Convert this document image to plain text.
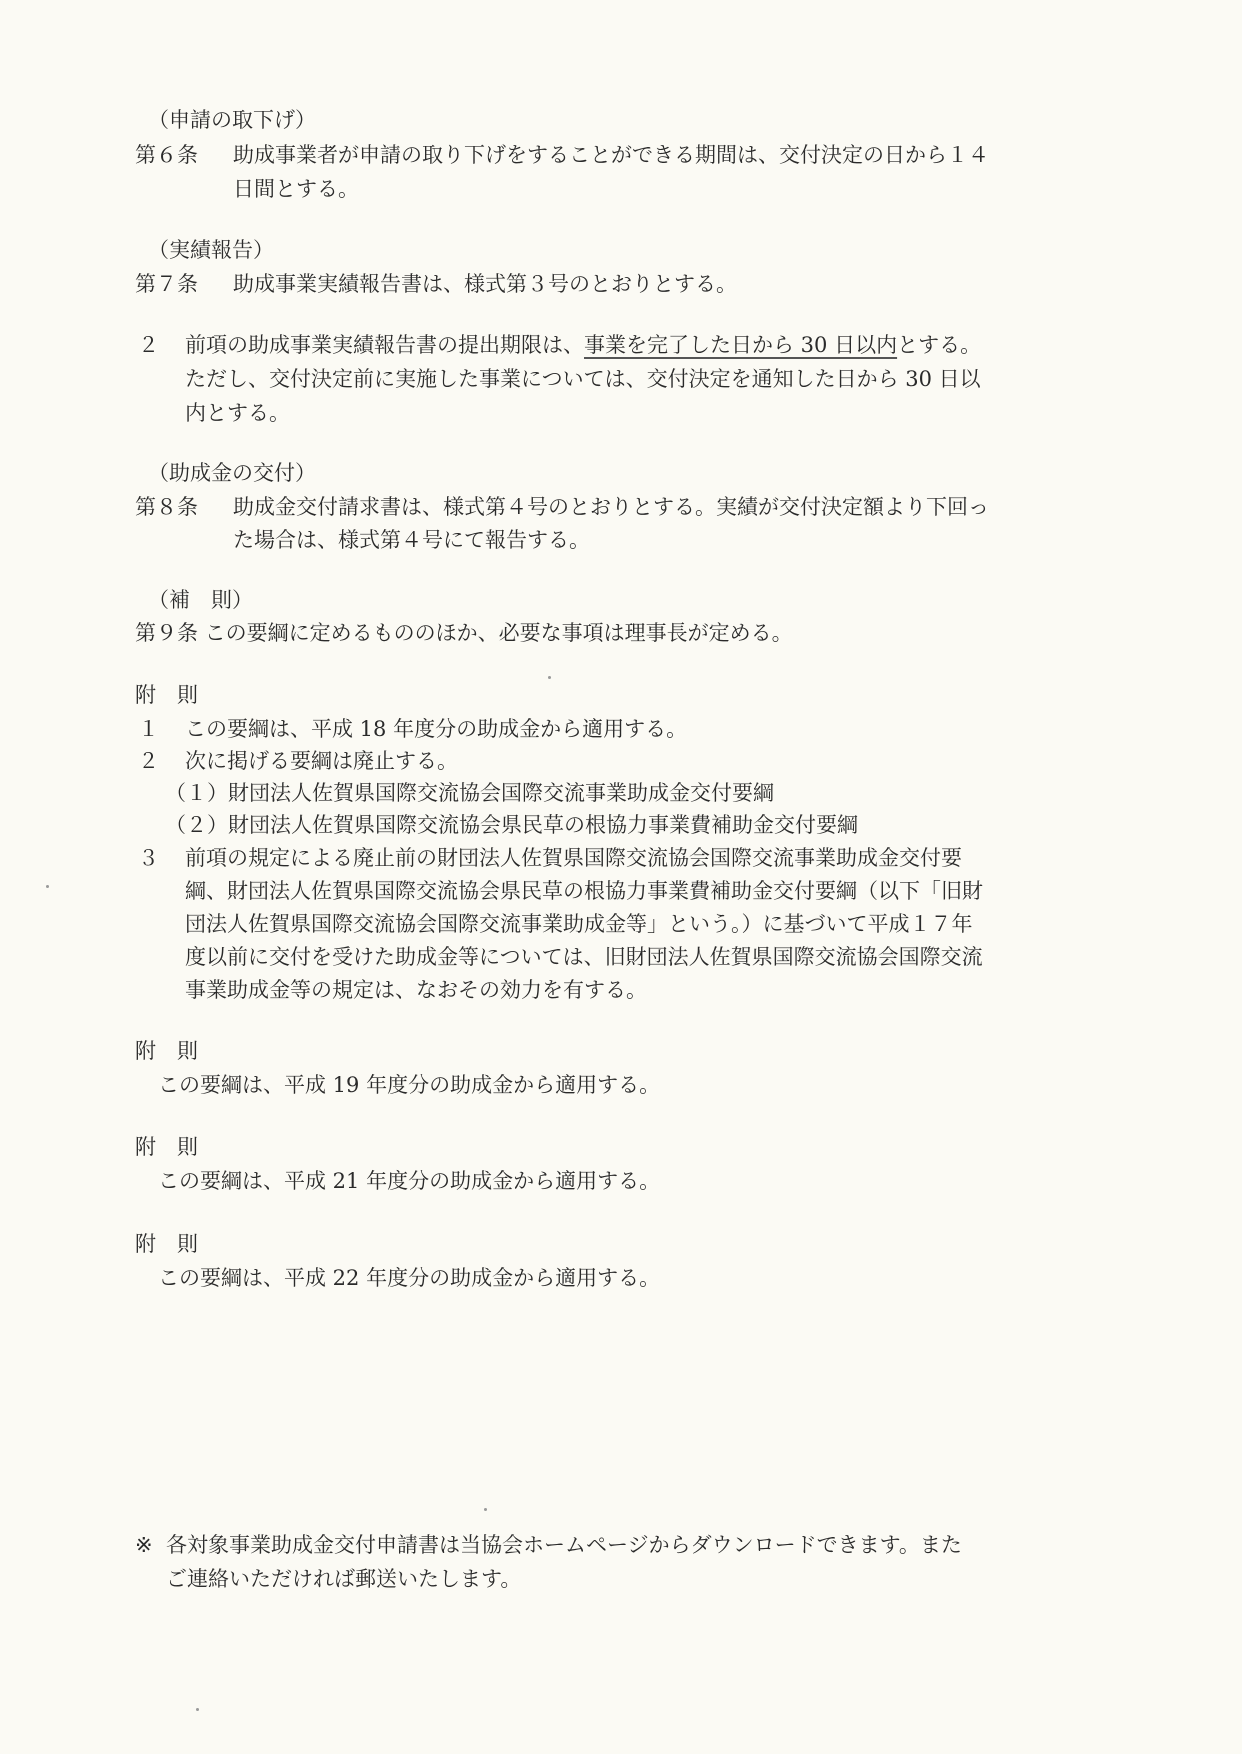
（申請の取下げ）
第６条 助成事業者が申請の取り下げをすることができる期間は、交付決定の日から１４
日間とする。
（実績報告）
第７条 助成事業実績報告書は、様式第３号のとおりとする。
２ 前項の助成事業実績報告書の提出期限は、事業を完了した日から 30 日以内とする。
ただし、交付決定前に実施した事業については、交付決定を通知した日から 30 日以
内とする。
（助成金の交付）
第８条 助成金交付請求書は、様式第４号のとおりとする。実績が交付決定額より下回っ
た場合は、様式第４号にて報告する。
（補　則）
第９条 この要綱に定めるもののほか、必要な事項は理事長が定める。
附　則
１ この要綱は、平成 18 年度分の助成金から適用する。
２ 次に掲げる要綱は廃止する。
（１）財団法人佐賀県国際交流協会国際交流事業助成金交付要綱
（２）財団法人佐賀県国際交流協会県民草の根協力事業費補助金交付要綱
３ 前項の規定による廃止前の財団法人佐賀県国際交流協会国際交流事業助成金交付要
綱、財団法人佐賀県国際交流協会県民草の根協力事業費補助金交付要綱（以下「旧財
団法人佐賀県国際交流協会国際交流事業助成金等」という。）に基づいて平成１７年
度以前に交付を受けた助成金等については、旧財団法人佐賀県国際交流協会国際交流
事業助成金等の規定は、なおその効力を有する。
附　則
この要綱は、平成 19 年度分の助成金から適用する。
附　則
この要綱は、平成 21 年度分の助成金から適用する。
附　則
この要綱は、平成 22 年度分の助成金から適用する。
※ 各対象事業助成金交付申請書は当協会ホームページからダウンロードできます。また
ご連絡いただければ郵送いたします。
